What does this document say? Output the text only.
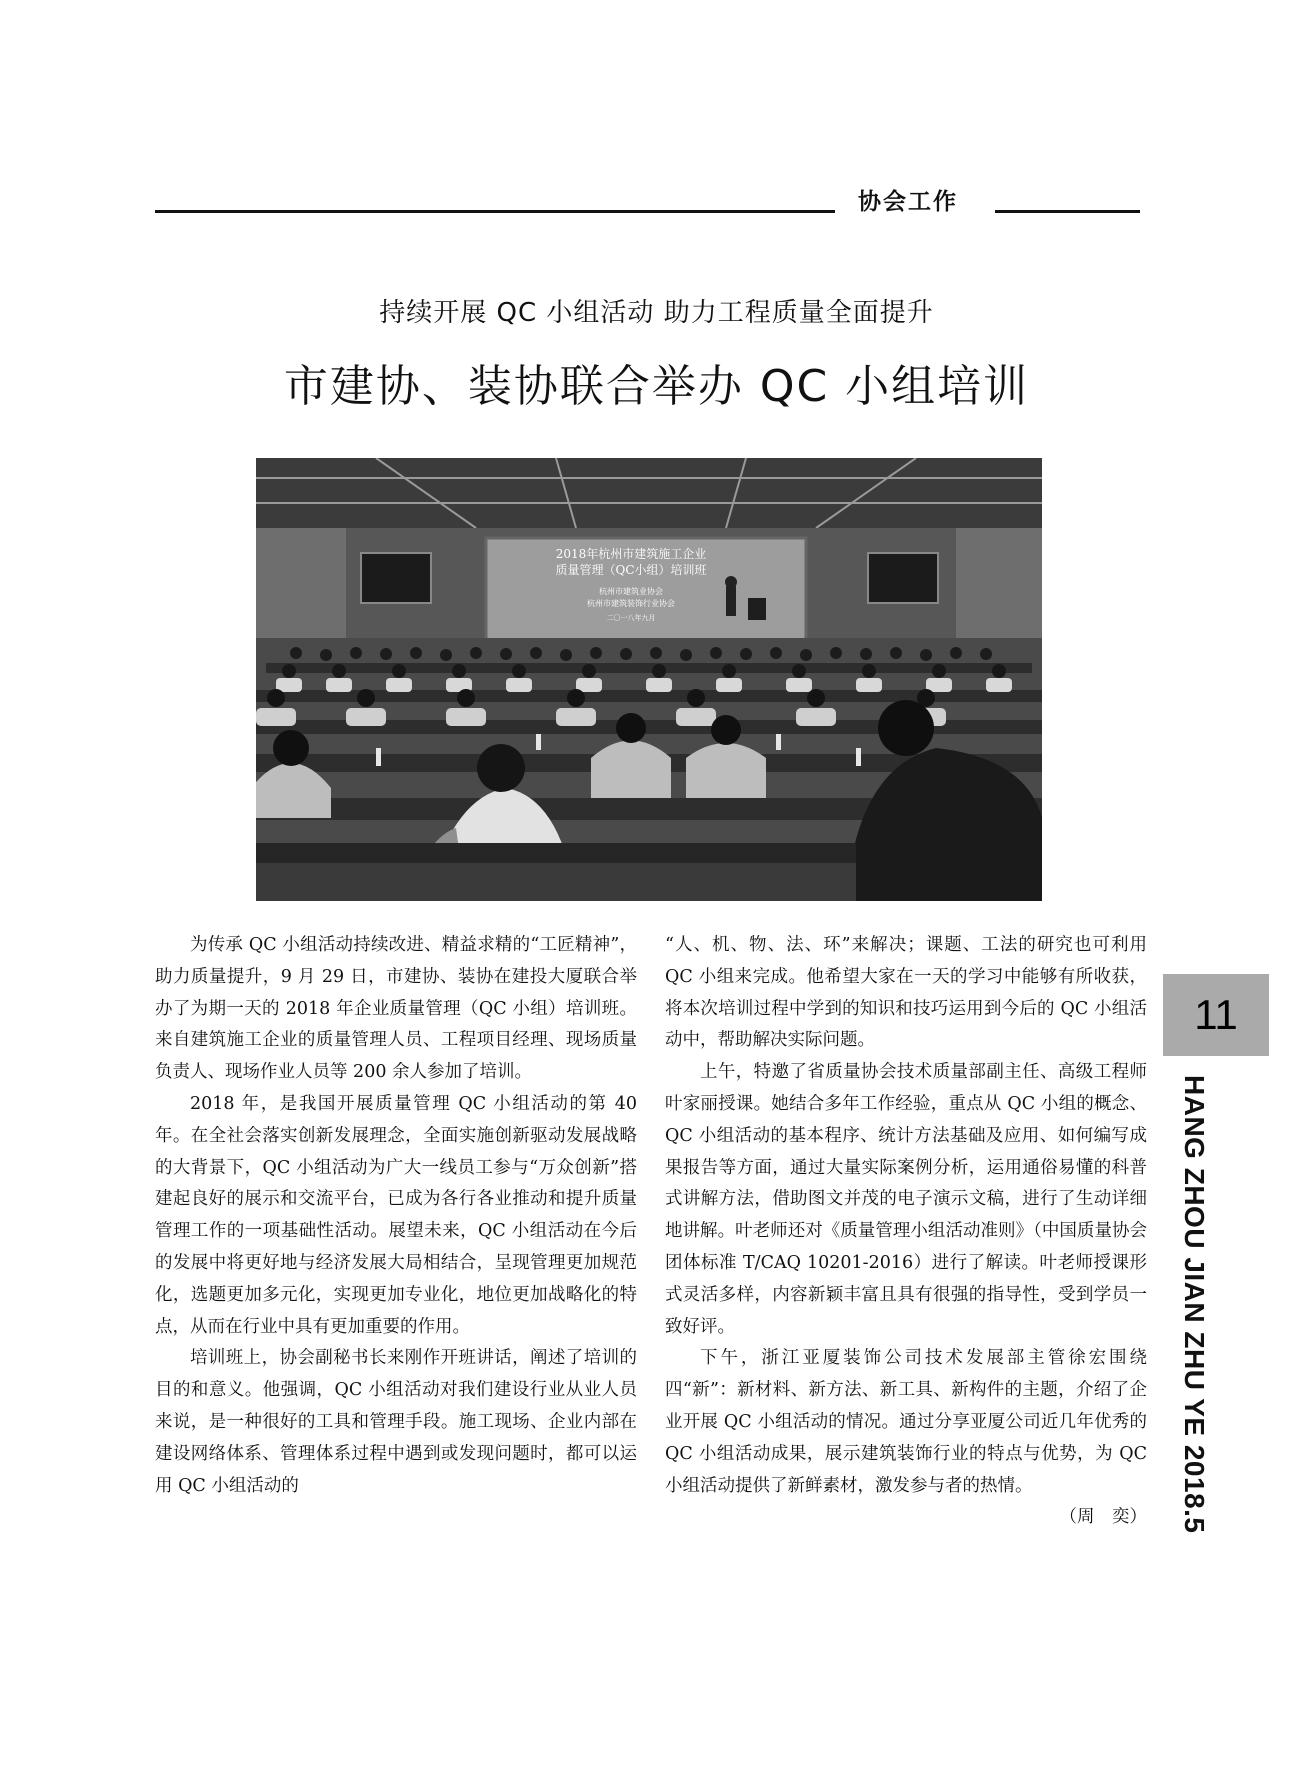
协会工作
持续开展 QC 小组活动 助力工程质量全面提升
市建协、装协联合举办 QC 小组培训
2018年杭州市建筑施工企业
质量管理（QC小组）培训班
杭州市建筑业协会
杭州市建筑装饰行业协会
二〇一八年九月

为传承 QC 小组活动持续改进、精益求精的“工匠精神”，助力质量提升，9 月 29 日，市建协、装协在建投大厦联合举办了为期一天的 2018 年企业质量管理（QC 小组）培训班。来自建筑施工企业的质量管理人员、工程项目经理、现场质量负责人、现场作业人员等 200 余人参加了培训。

2018 年，是我国开展质量管理 QC 小组活动的第 40 年。在全社会落实创新发展理念，全面实施创新驱动发展战略的大背景下，QC 小组活动为广大一线员工参与“万众创新”搭建起良好的展示和交流平台，已成为各行各业推动和提升质量管理工作的一项基础性活动。展望未来，QC 小组活动在今后的发展中将更好地与经济发展大局相结合，呈现管理更加规范化，选题更加多元化，实现更加专业化，地位更加战略化的特点，从而在行业中具有更加重要的作用。

培训班上，协会副秘书长来刚作开班讲话，阐述了培训的目的和意义。他强调，QC 小组活动对我们建设行业从业人员来说，是一种很好的工具和管理手段。施工现场、企业内部在建设网络体系、管理体系过程中遇到或发现问题时，都可以运用 QC 小组活动的

“人、机、物、法、环”来解决；课题、工法的研究也可利用 QC 小组来完成。他希望大家在一天的学习中能够有所收获，将本次培训过程中学到的知识和技巧运用到今后的 QC 小组活动中，帮助解决实际问题。

上午，特邀了省质量协会技术质量部副主任、高级工程师叶家丽授课。她结合多年工作经验，重点从 QC 小组的概念、QC 小组活动的基本程序、统计方法基础及应用、如何编写成果报告等方面，通过大量实际案例分析，运用通俗易懂的科普式讲解方法，借助图文并茂的电子演示文稿，进行了生动详细地讲解。叶老师还对《质量管理小组活动准则》（中国质量协会团体标准 T/CAQ 10201-2016）进行了解读。叶老师授课形式灵活多样，内容新颖丰富且具有很强的指导性，受到学员一致好评。

下午，浙江亚厦装饰公司技术发展部主管徐宏围绕四“新”：新材料、新方法、新工具、新构件的主题，介绍了企业开展 QC 小组活动的情况。通过分享亚厦公司近几年优秀的 QC 小组活动成果，展示建筑装饰行业的特点与优势，为 QC 小组活动提供了新鲜素材，激发参与者的热情。

（周　奕）
11
HANG ZHOU JIAN ZHU YE 2018.5
